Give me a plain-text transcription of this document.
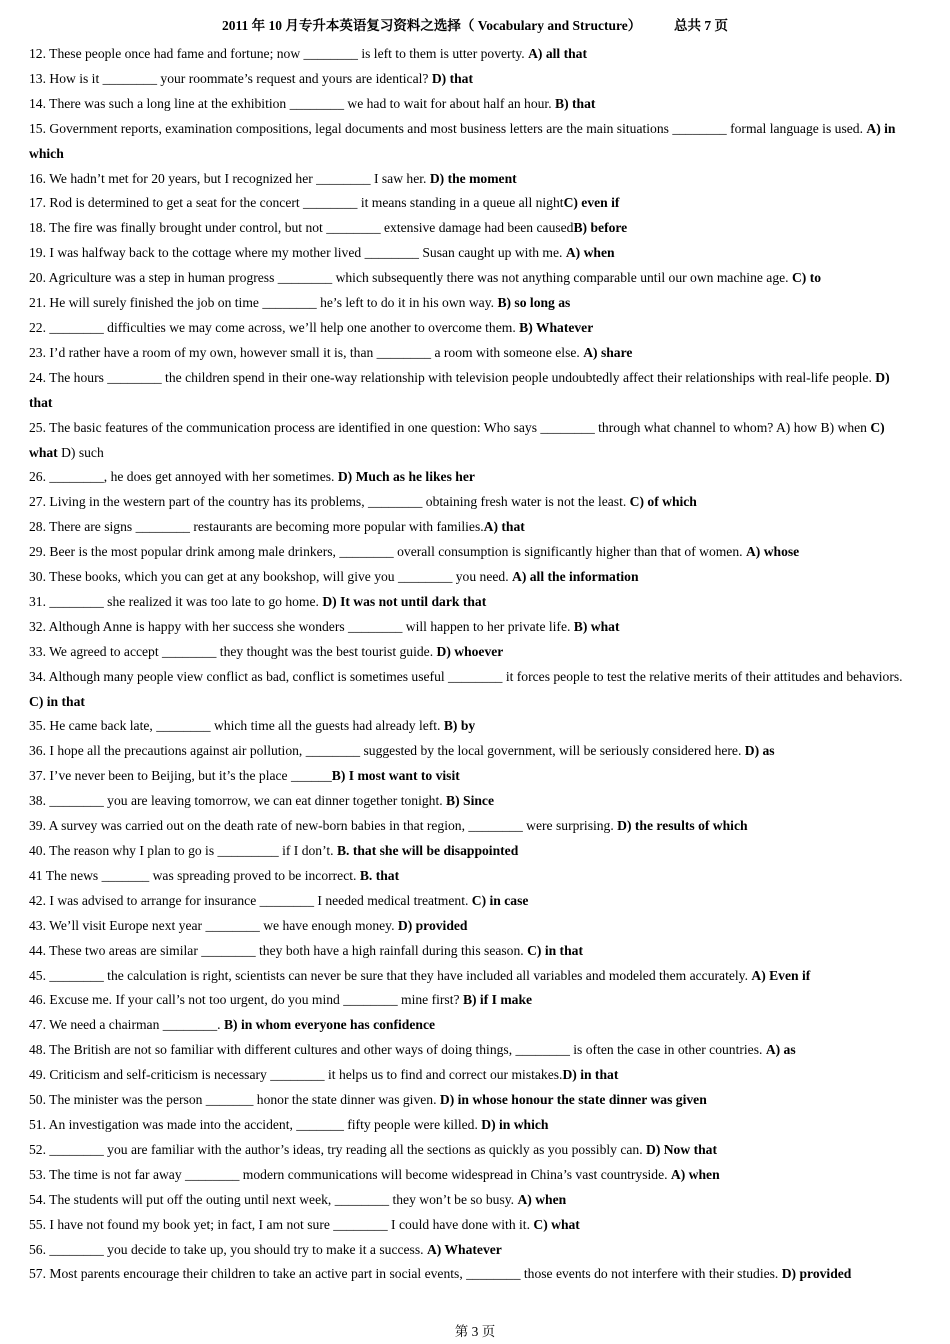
2011 年 10 月专升本英语复习资料之选择（ Vocabulary and Structure） 总共 7 页

12. These people once had fame and fortune; now ________ is left to them is utter poverty. A) all that

13. How is it ________ your roommate’s request and yours are identical? D) that

14. There was such a long line at the exhibition ________ we had to wait for about half an hour. B) that

15. Government reports, examination compositions, legal documents and most business letters are the main situations ________ formal language is used. A) in which

16. We hadn’t met for 20 years, but I recognized her ________ I saw her. D) the moment

17. Rod is determined to get a seat for the concert ________ it means standing in a queue all nightC) even if

18. The fire was finally brought under control, but not ________ extensive damage had been causedB) before

19. I was halfway back to the cottage where my mother lived ________ Susan caught up with me. A) when

20. Agriculture was a step in human progress ________ which subsequently there was not anything comparable until our own machine age. C) to

21. He will surely finished the job on time ________ he’s left to do it in his own way. B) so long as

22. ________ difficulties we may come across, we’ll help one another to overcome them. B) Whatever

23. I’d rather have a room of my own, however small it is, than ________ a room with someone else. A) share

24. The hours ________ the children spend in their one-way relationship with television people undoubtedly affect their relationships with real-life people. D) that

25. The basic features of the communication process are identified in one question: Who says ________ through what channel to whom? A) how B) when C) what D) such

26. ________, he does get annoyed with her sometimes. D) Much as he likes her

27. Living in the western part of the country has its problems, ________ obtaining fresh water is not the least. C) of which

28. There are signs ________ restaurants are becoming more popular with families.A) that

29. Beer is the most popular drink among male drinkers, ________ overall consumption is significantly higher than that of women. A) whose

30. These books, which you can get at any bookshop, will give you ________ you need. A) all the information

31. ________ she realized it was too late to go home. D) It was not until dark that

32. Although Anne is happy with her success she wonders ________ will happen to her private life. B) what

33. We agreed to accept ________ they thought was the best tourist guide. D) whoever

34. Although many people view conflict as bad, conflict is sometimes useful ________ it forces people to test the relative merits of their attitudes and behaviors. C) in that

35. He came back late, ________ which time all the guests had already left. B) by

36. I hope all the precautions against air pollution, ________ suggested by the local government, will be seriously considered here. D) as

37. I’ve never been to Beijing, but it’s the place ______B) I most want to visit

38. ________ you are leaving tomorrow, we can eat dinner together tonight. B) Since

39. A survey was carried out on the death rate of new-born babies in that region, ________ were surprising. D) the results of which

40. The reason why I plan to go is _________ if I don’t. B. that she will be disappointed

41 The news _______ was spreading proved to be incorrect. B. that

42. I was advised to arrange for insurance ________ I needed medical treatment. C) in case

43. We’ll visit Europe next year ________ we have enough money. D) provided

44. These two areas are similar ________ they both have a high rainfall during this season. C) in that

45. ________ the calculation is right, scientists can never be sure that they have included all variables and modeled them accurately. A) Even if

46. Excuse me. If your call’s not too urgent, do you mind ________ mine first? B) if I make

47. We need a chairman ________. B) in whom everyone has confidence

48. The British are not so familiar with different cultures and other ways of doing things, ________ is often the case in other countries. A) as

49. Criticism and self-criticism is necessary ________ it helps us to find and correct our mistakes.D) in that

50. The minister was the person _______ honor the state dinner was given. D) in whose honour the state dinner was given

51. An investigation was made into the accident, _______ fifty people were killed. D) in which

52. ________ you are familiar with the author’s ideas, try reading all the sections as quickly as you possibly can. D) Now that

53. The time is not far away ________ modern communications will become widespread in China’s vast countryside. A) when

54. The students will put off the outing until next week, ________ they won’t be so busy. A) when

55. I have not found my book yet; in fact, I am not sure ________ I could have done with it. C) what

56. ________ you decide to take up, you should try to make it a success. A) Whatever

57. Most parents encourage their children to take an active part in social events, ________ those events do not interfere with their studies. D) provided

第 3 页
